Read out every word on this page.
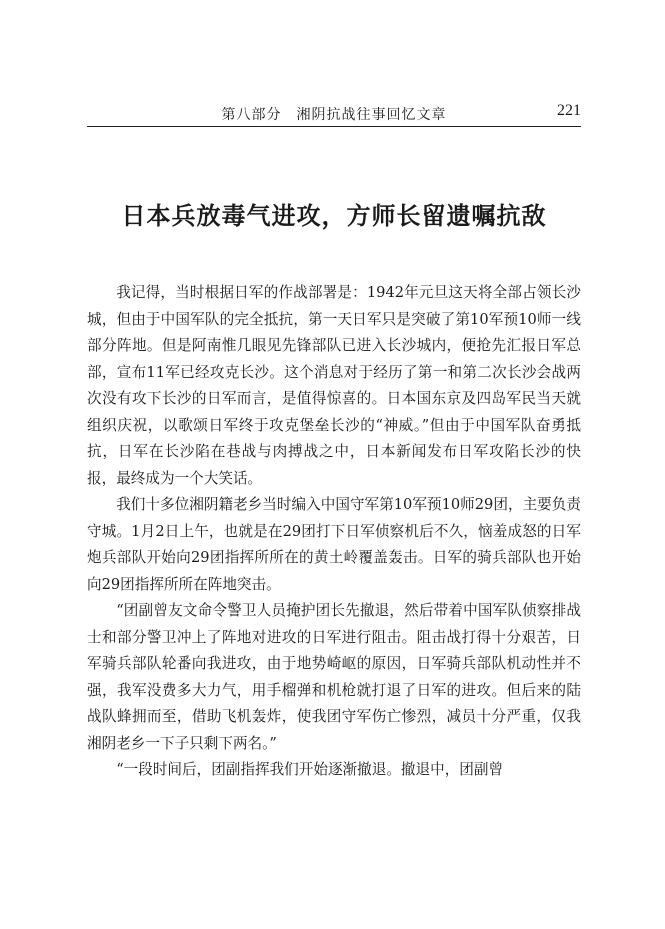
第八部分　湘阴抗战往事回忆文章	221
日本兵放毒气进攻，方师长留遗嘱抗敌

我记得，当时根据日军的作战部署是：1942年元旦这天将全部占领长沙城，但由于中国军队的完全抵抗，第一天日军只是突破了第10军预10师一线部分阵地。但是阿南惟几眼见先锋部队已进入长沙城内，便抢先汇报日军总部，宣布11军已经攻克长沙。这个消息对于经历了第一和第二次长沙会战两次没有攻下长沙的日军而言，是值得惊喜的。日本国东京及四岛军民当天就组织庆祝，以歌颂日军终于攻克堡垒长沙的“神威。”但由于中国军队奋勇抵抗，日军在长沙陷在巷战与肉搏战之中，日本新闻发布日军攻陷长沙的快报，最终成为一个大笑话。

我们十多位湘阴籍老乡当时编入中国守军第10军预10师29团，主要负责守城。1月2日上午，也就是在29团打下日军侦察机后不久，恼羞成怒的日军炮兵部队开始向29团指挥所所在的黄土岭覆盖轰击。日军的骑兵部队也开始向29团指挥所所在阵地突击。

“团副曾友文命令警卫人员掩护团长先撤退，然后带着中国军队侦察排战士和部分警卫冲上了阵地对进攻的日军进行阻击。阻击战打得十分艰苦，日军骑兵部队轮番向我进攻，由于地势崎岖的原因，日军骑兵部队机动性并不强，我军没费多大力气，用手榴弹和机枪就打退了日军的进攻。但后来的陆战队蜂拥而至，借助飞机轰炸，使我团守军伤亡惨烈，减员十分严重，仅我湘阴老乡一下子只剩下两名。”

“一段时间后，团副指挥我们开始逐渐撤退。撤退中，团副曾
